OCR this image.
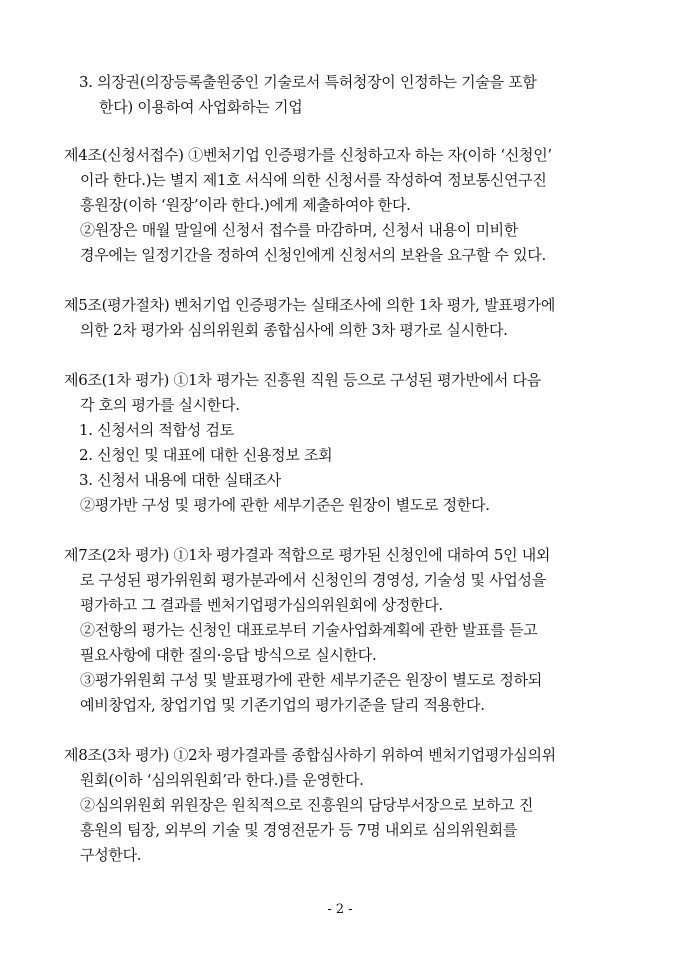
3. 의장권(의장등록출원중인 기술로서 특허청장이 인정하는 기술을 포함
한다) 이용하여 사업화하는 기업
제4조(신청서접수) ①벤처기업 인증평가를 신청하고자 하는 자(이하 ‘신청인’
이라 한다.)는 별지 제1호 서식에 의한 신청서를 작성하여 정보통신연구진
흥원장(이하 ‘원장’이라 한다.)에게 제출하여야 한다.
②원장은 매월 말일에 신청서 접수를 마감하며, 신청서 내용이 미비한
경우에는 일정기간을 정하여 신청인에게 신청서의 보완을 요구할 수 있다.
제5조(평가절차) 벤처기업 인증평가는 실태조사에 의한 1차 평가, 발표평가에
의한 2차 평가와 심의위원회 종합심사에 의한 3차 평가로 실시한다.
제6조(1차 평가) ①1차 평가는 진흥원 직원 등으로 구성된 평가반에서 다음
각 호의 평가를 실시한다.
1. 신청서의 적합성 검토
2. 신청인 및 대표에 대한 신용정보 조회
3. 신청서 내용에 대한 실태조사
②평가반 구성 및 평가에 관한 세부기준은 원장이 별도로 정한다.
제7조(2차 평가) ①1차 평가결과 적합으로 평가된 신청인에 대하여 5인 내외
로 구성된 평가위원회 평가분과에서 신청인의 경영성, 기술성 및 사업성을
평가하고 그 결과를 벤처기업평가심의위원회에 상정한다.
②전항의 평가는 신청인 대표로부터 기술사업화계획에 관한 발표를 듣고
필요사항에 대한 질의·응답 방식으로 실시한다.
③평가위원회 구성 및 발표평가에 관한 세부기준은 원장이 별도로 정하되
예비창업자, 창업기업 및 기존기업의 평가기준을 달리 적용한다.
제8조(3차 평가) ①2차 평가결과를 종합심사하기 위하여 벤처기업평가심의위
원회(이하 ‘심의위원회’라 한다.)를 운영한다.
②심의위원회 위원장은 원칙적으로 진흥원의 담당부서장으로 보하고 진
흥원의 팀장, 외부의 기술 및 경영전문가 등 7명 내외로 심의위원회를
구성한다.
- 2 -
